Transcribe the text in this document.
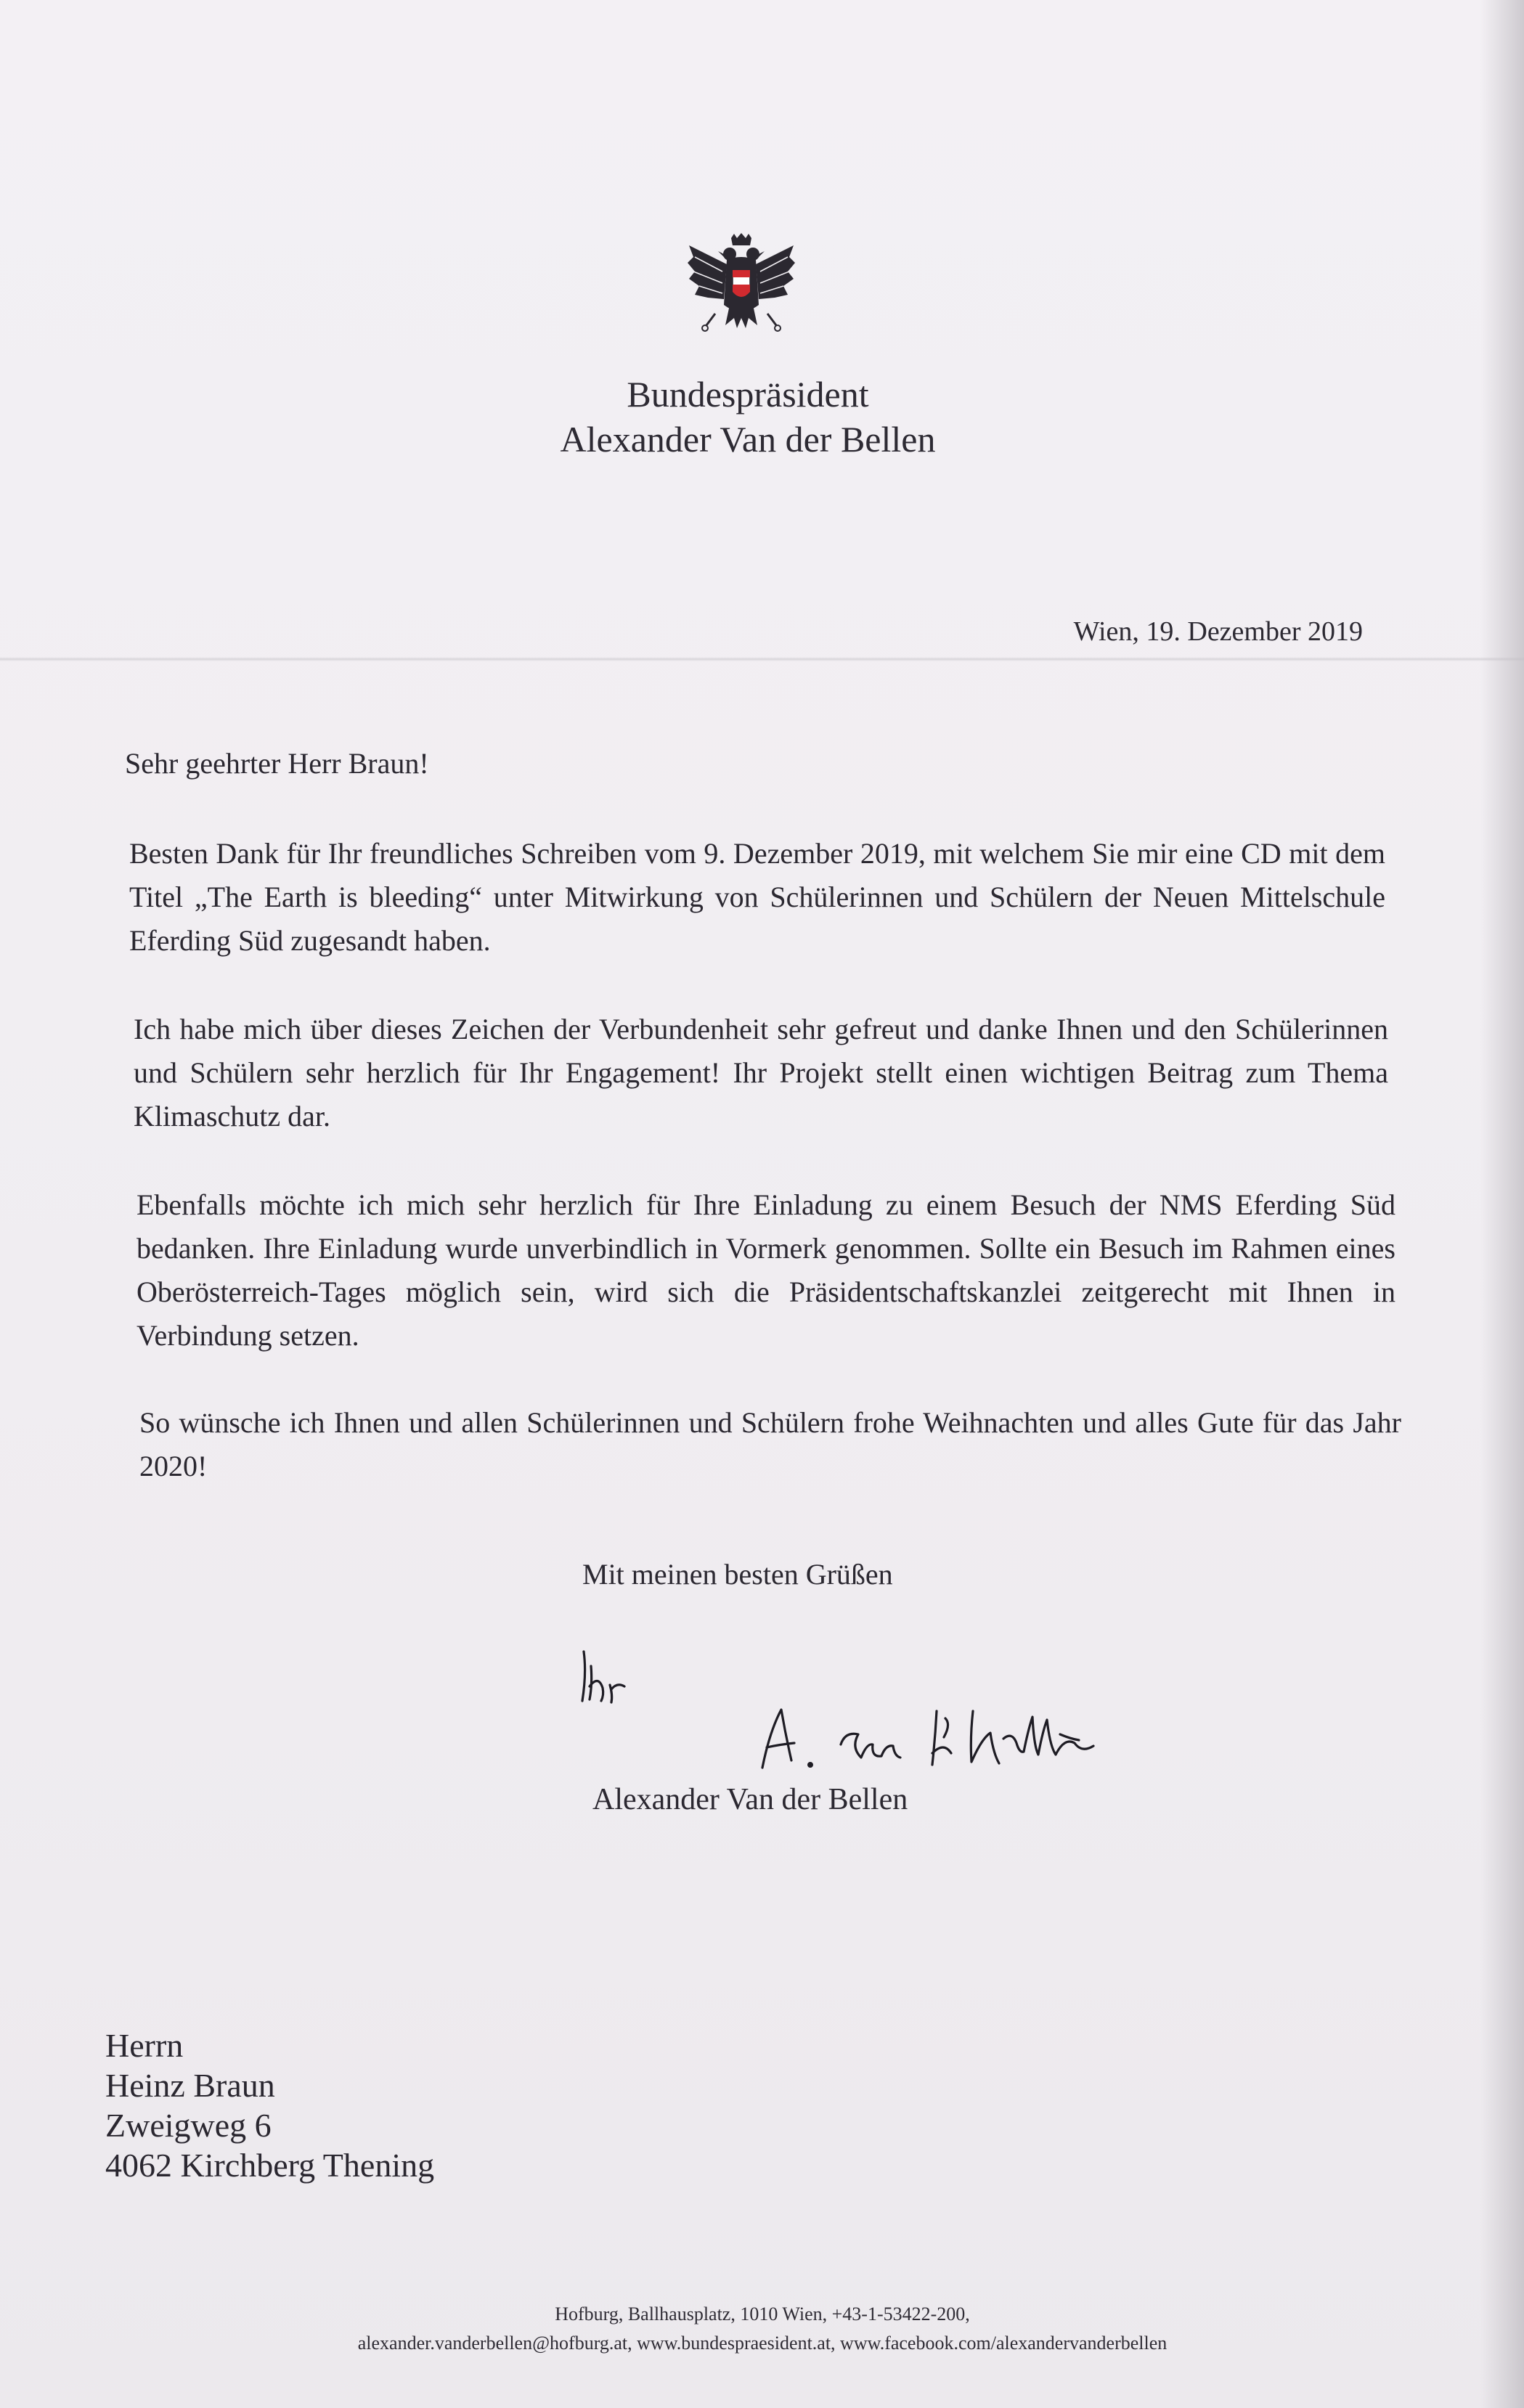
Bundespräsident
Alexander Van der Bellen
Wien, 19. Dezember 2019

Sehr geehrter Herr Braun!

Besten Dank für Ihr freundliches Schreiben vom 9. Dezember 2019, mit welchem Sie mir eine CD mit dem Titel „The Earth is bleeding“ unter Mitwirkung von Schülerinnen und Schülern der Neuen Mittelschule Eferding Süd zugesandt haben.

Ich habe mich über dieses Zeichen der Verbundenheit sehr gefreut und danke Ihnen und den Schülerinnen und Schülern sehr herzlich für Ihr Engagement! Ihr Projekt stellt einen wichtigen Beitrag zum Thema Klimaschutz dar.

Ebenfalls möchte ich mich sehr herzlich für Ihre Einladung zu einem Besuch der NMS Eferding Süd bedanken. Ihre Einladung wurde unverbindlich in Vormerk genommen. Sollte ein Besuch im Rahmen eines Oberösterreich-Tages möglich sein, wird sich die Präsidentschaftskanzlei zeitgerecht mit Ihnen in Verbindung setzen.

So wünsche ich Ihnen und allen Schülerinnen und Schülern frohe Weihnachten und alles Gute für das Jahr 2020!

Mit meinen besten Grüßen
Alexander Van der Bellen
Herrn
Heinz Braun
Zweigweg 6
4062 Kirchberg Thening
Hofburg, Ballhausplatz, 1010 Wien, +43-1-53422-200,
alexander.vanderbellen@hofburg.at, www.bundespraesident.at, www.facebook.com/alexandervanderbellen
